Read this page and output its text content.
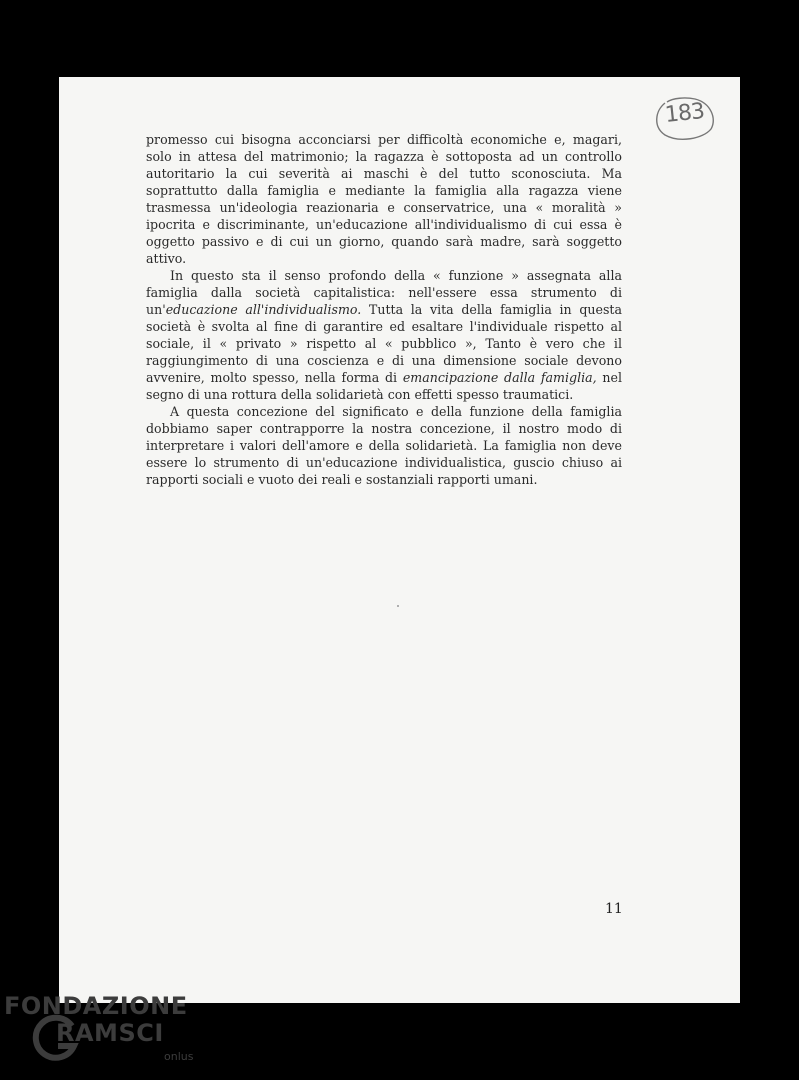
183

promesso cui bisogna acconciarsi per difficoltà economiche e, magari, solo in attesa del matrimonio; la ragazza è sottoposta ad un controllo autoritario la cui severità ai maschi è del tutto sconosciuta. Ma soprattutto dalla famiglia e mediante la famiglia alla ragazza viene trasmessa un'ideologia reazionaria e conservatrice, una « moralità » ipocrita e discriminante, un'educazione all'individualismo di cui essa è oggetto passivo e di cui un giorno, quando sarà madre, sarà soggetto attivo.

In questo sta il senso profondo della « funzione » assegnata alla famiglia dalla società capitalistica: nell'essere essa strumento di un'educazione all'individualismo. Tutta la vita della famiglia in questa società è svolta al fine di garantire ed esaltare l'individuale rispetto al sociale, il « privato » rispetto al « pubblico », Tanto è vero che il raggiungimento di una coscienza e di una dimensione sociale devono avvenire, molto spesso, nella forma di emancipazione dalla famiglia, nel segno di una rottura della solidarietà con effetti spesso traumatici.

A questa concezione del significato e della funzione della famiglia dobbiamo saper contrapporre la nostra concezione, il nostro modo di interpretare i valori dell'amore e della solidarietà. La famiglia non deve essere lo strumento di un'educazione individualistica, guscio chiuso ai rapporti sociali e vuoto dei reali e sostanziali rapporti umani.

11
FONDAZIONE
RAMSCI
onlus
